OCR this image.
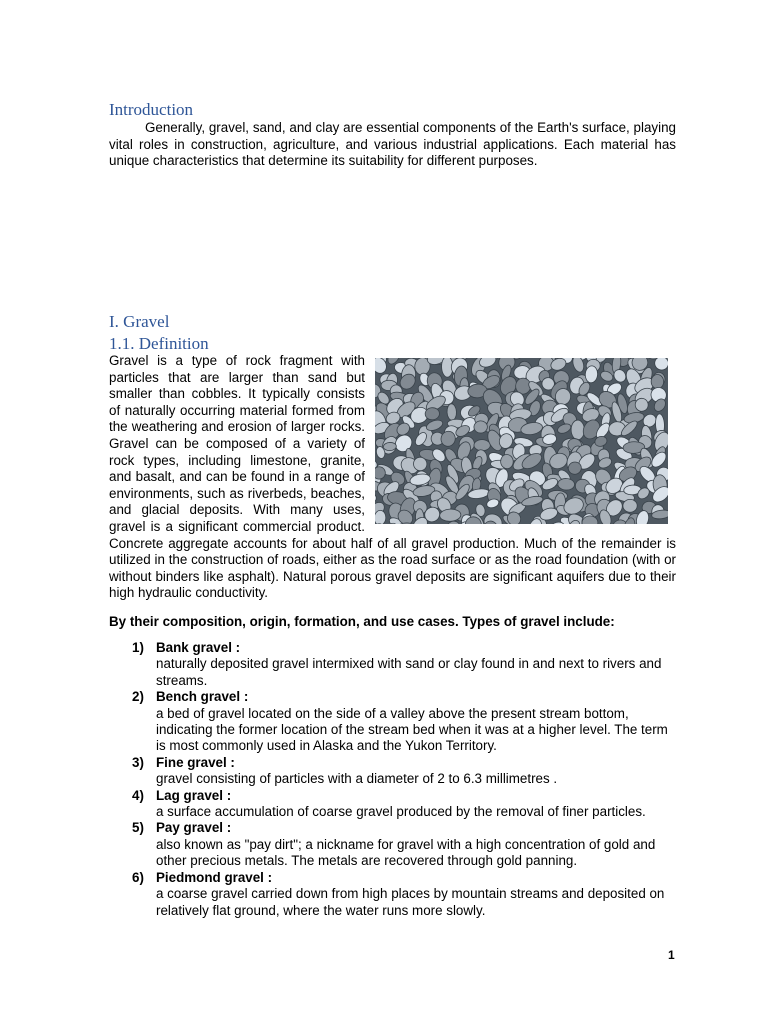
Introduction

Generally, gravel, sand, and clay are essential components of the Earth's surface, playing vital roles in construction, agriculture, and various industrial applications. Each material has unique characteristics that determine its suitability for different purposes.

I. Gravel
1.1. Definition
Gravel is a type of rock fragment with particles that are larger than sand but smaller than cobbles. It typically consists of naturally occurring material formed from the weathering and erosion of larger rocks. Gravel can be composed of a variety of rock types, including limestone, granite, and basalt, and can be found in a range of environments, such as riverbeds, beaches, and glacial deposits. With many uses, gravel is a significant commercial product. Concrete aggregate accounts for about half of all gravel production. Much of the remainder is utilized in the construction of roads, either as the road surface or as the road foundation (with or without binders like asphalt). Natural porous gravel deposits are significant aquifers due to their high hydraulic conductivity.

By their composition, origin, formation, and use cases. Types of gravel include:

1) Bank gravel :
naturally deposited gravel intermixed with sand or clay found in and next to rivers and streams.
2) Bench gravel :
a bed of gravel located on the side of a valley above the present stream bottom, indicating the former location of the stream bed when it was at a higher level. The term is most commonly used in Alaska and the Yukon Territory.
3) Fine gravel :
gravel consisting of particles with a diameter of 2 to 6.3 millimetres .
4) Lag gravel :
a surface accumulation of coarse gravel produced by the removal of finer particles.
5) Pay gravel :
also known as "pay dirt"; a nickname for gravel with a high concentration of gold and other precious metals. The metals are recovered through gold panning.
6) Piedmond gravel :
a coarse gravel carried down from high places by mountain streams and deposited on relatively flat ground, where the water runs more slowly.
1
